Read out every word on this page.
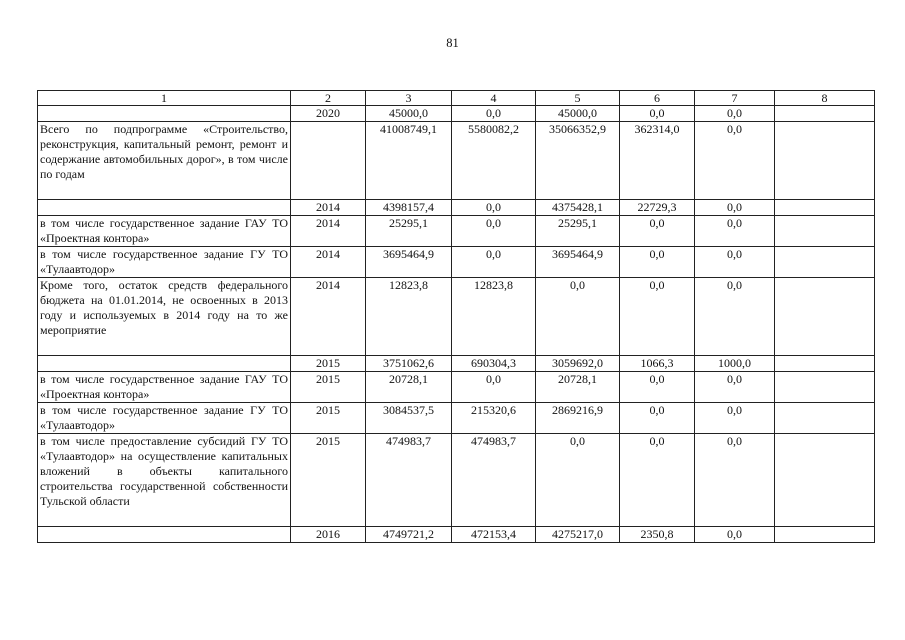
81
1	2	3	4	5	6	7	8
	2020	45000,0	0,0	45000,0	0,0	0,0	
Всего по подпрограмме «Строительство, реконструкция, капитальный ремонт, ремонт и содержание автомобильных дорог», в том числе по годам		41008749,1	5580082,2	35066352,9	362314,0	0,0	
	2014	4398157,4	0,0	4375428,1	22729,3	0,0	
в том числе государственное задание ГАУ ТО «Проектная контора»	2014	25295,1	0,0	25295,1	0,0	0,0	
в том числе государственное задание ГУ ТО «Тулаавтодор»	2014	3695464,9	0,0	3695464,9	0,0	0,0	
Кроме того, остаток средств федерального бюджета на 01.01.2014, не освоенных в 2013 году и используемых в 2014 году на то же мероприятие	2014	12823,8	12823,8	0,0	0,0	0,0	
	2015	3751062,6	690304,3	3059692,0	1066,3	1000,0	
в том числе государственное задание ГАУ ТО «Проектная контора»	2015	20728,1	0,0	20728,1	0,0	0,0	
в том числе государственное задание ГУ ТО «Тулаавтодор»	2015	3084537,5	215320,6	2869216,9	0,0	0,0	
в том числе предоставление субсидий ГУ ТО «Тулаавтодор» на осуществление капитальных вложений в объекты капитального строительства государственной собственности Тульской области	2015	474983,7	474983,7	0,0	0,0	0,0	
	2016	4749721,2	472153,4	4275217,0	2350,8	0,0	
